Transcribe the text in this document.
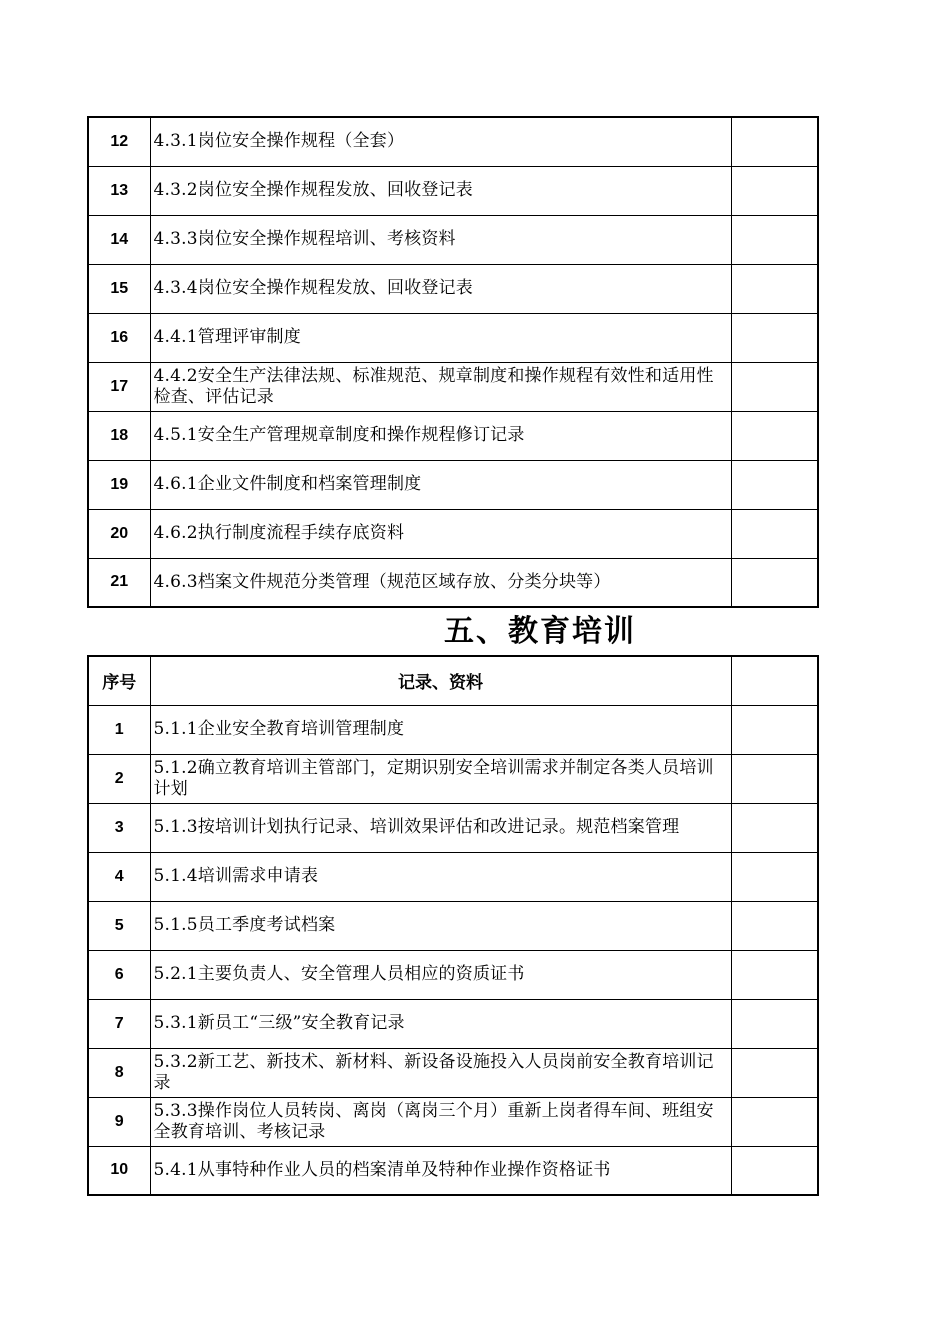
12	4.3.1岗位安全操作规程（全套）	
13	4.3.2岗位安全操作规程发放、回收登记表	
14	4.3.3岗位安全操作规程培训、考核资料	
15	4.3.4岗位安全操作规程发放、回收登记表	
16	4.4.1管理评审制度	
17	4.4.2安全生产法律法规、标准规范、规章制度和操作规程有效性和适用性检查、评估记录	
18	4.5.1安全生产管理规章制度和操作规程修订记录	
19	4.6.1企业文件制度和档案管理制度	
20	4.6.2执行制度流程手续存底资料	
21	4.6.3档案文件规范分类管理（规范区域存放、分类分块等）	
五、教育培训
序号	记录、资料	
1	5.1.1企业安全教育培训管理制度	
2	5.1.2确立教育培训主管部门，定期识别安全培训需求并制定各类人员培训计划	
3	5.1.3按培训计划执行记录、培训效果评估和改进记录。规范档案管理	
4	5.1.4培训需求申请表	
5	5.1.5员工季度考试档案	
6	5.2.1主要负责人、安全管理人员相应的资质证书	
7	5.3.1新员工“三级”安全教育记录	
8	5.3.2新工艺、新技术、新材料、新设备设施投入人员岗前安全教育培训记录	
9	5.3.3操作岗位人员转岗、离岗（离岗三个月）重新上岗者得车间、班组安全教育培训、考核记录	
10	5.4.1从事特种作业人员的档案清单及特种作业操作资格证书	
